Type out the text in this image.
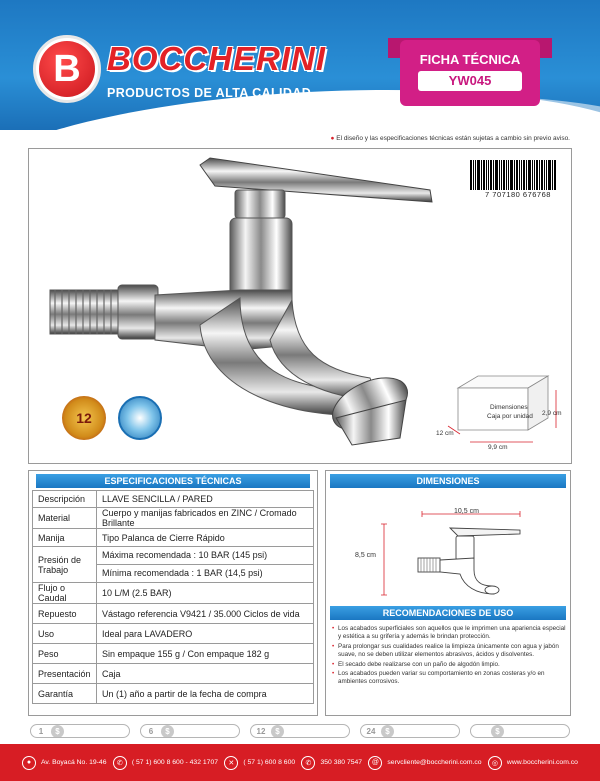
B BOCCHERINI
PRODUCTOS DE ALTA CALIDAD
FICHA TÉCNICA
YW045
● El diseño y las especificaciones técnicas están sujetas a cambio sin previo aviso.
7 707180 676768
12
Dimensiones
Caja por unidad 2,9 cm
12 cm
9,9 cm
ESPECIFICACIONES TÉCNICAS
Descripción	LLAVE SENCILLA / PARED
Material	Cuerpo y manijas fabricados en ZINC / Cromado Brillante
Manija	Tipo Palanca de Cierre Rápido
Presión de Trabajo	Máxima recomendada : 10 BAR (145 psi)
Mínima recomendada : 1 BAR (14,5 psi)

Flujo o Caudal	10 L/M (2.5 BAR)
Repuesto	Vástago referencia V9421 / 35.000 Ciclos de vida
Uso	Ideal para LAVADERO
Peso	Sin empaque 155 g / Con empaque 182 g
Presentación	Caja
Garantía	Un (1) año a partir de la fecha de compra
DIMENSIONES
10,5 cm
8,5 cm
RECOMENDACIONES DE USO
• Los acabados superficiales son aquellos que le imprimen una apariencia especial y estética a su grifería y además le brindan protección.
• Para prolongar sus cualidades realice la limpieza únicamente con agua y jabón suave, no se deben utilizar elementos abrasivos, ácidos y disolventes.
• El secado debe realizarse con un paño de algodón limpio.
• Los acabados pueden variar su comportamiento en zonas costeras y/o en ambientes corrosivos.
1	$	6	$	12	$	24	$	$
●	Av. Boyacá No. 19-46	✆	( 57 1) 600 8 600 - 432 1707	✕	( 57 1) 600 8 600	✆	350 380 7547	@	servcliente@boccherini.com.co	◎	www.boccherini.com.co
